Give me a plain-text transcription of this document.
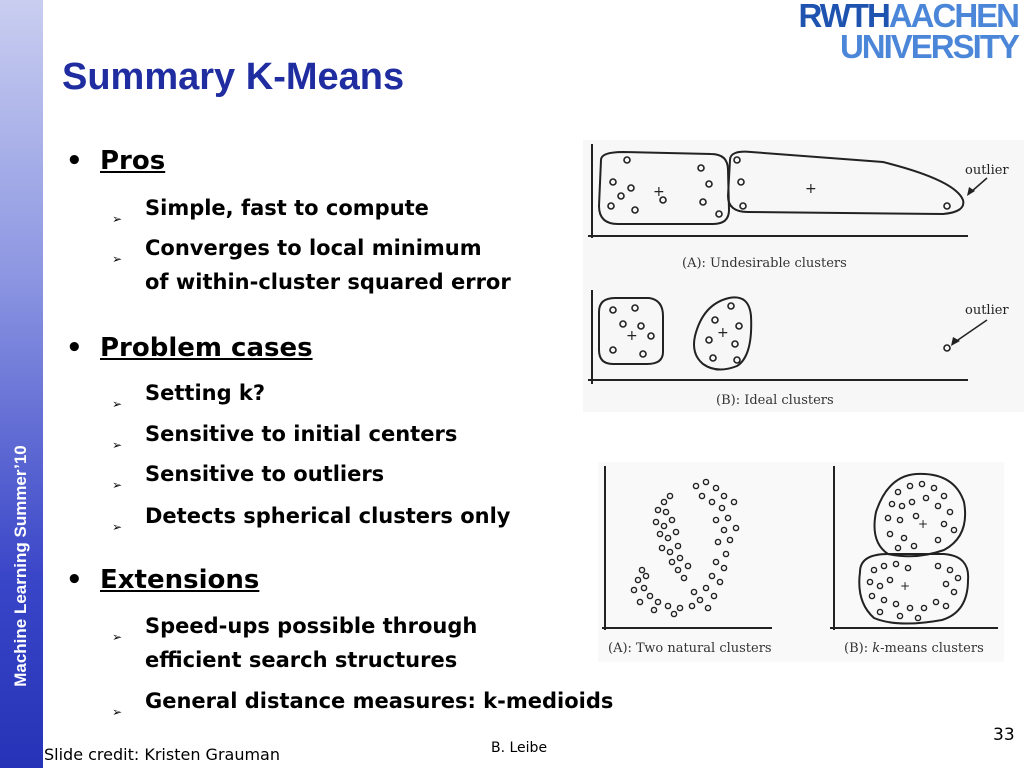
Machine Learning Summer’10
RWTHAACHEN
UNIVERSITY
Summary K-Means
• Pros
➢ Simple, fast to compute
➢ Converges to local minimum
of within-cluster squared error
• Problem cases
➢ Setting k?
➢ Sensitive to initial centers
➢ Sensitive to outliers
➢ Detects spherical clusters only
• Extensions
➢ Speed-ups possible through
efficient search structures
➢ General distance measures: k-medioids
+	+
outlier
(A): Undesirable clusters
+	+
outlier
(B): Ideal clusters
+
+
(A): Two natural clusters	(B): k-means clusters
Slide credit: Kristen Grauman	B. Leibe
33
